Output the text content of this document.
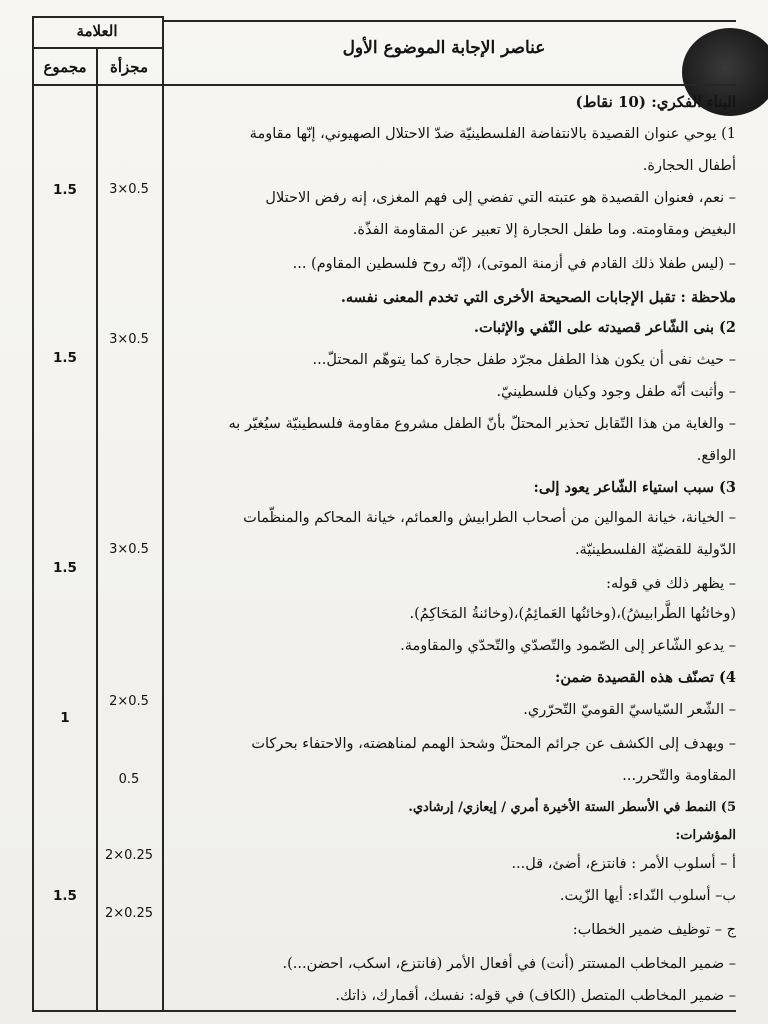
العلامة
مجموع	مجزأة
عناصر الإجابة الموضوع الأول
البناء الفكري: (10 نقاط)
1) يوحي عنوان القصيدة بالانتفاضة الفلسطينيّة ضدّ الاحتلال الصهيوني، إنّها مقاومة
أطفال الحجارة.
– نعم، فعنوان القصيدة هو عتبته التي تفضي إلى فهم المغزى، إنه رفض الاحتلال
البغيض ومقاومته. وما طفل الحجارة إلا تعبير عن المقاومة الفذّة.
– (ليس طفلا ذلك القادم في أزمنة الموتى)، (إنّه روح فلسطين المقاوم) ...
ملاحظة : تقبل الإجابات الصحيحة الأخرى التي تخدم المعنى نفسه.
2) بنى الشّاعر قصيدته على النّفي والإثبات.
– حيث نفى أن يكون هذا الطفل مجرّد طفل حجارة كما يتوهّم المحتلّ...
– وأثبت أنّه طفل وجود وكيان فلسطينيّ.
– والغاية من هذا التّقابل تحذير المحتلّ بأنّ الطفل مشروع مقاومة فلسطينيّة سيُغيّر به
الواقع.
3) سبب استياء الشّاعر يعود إلى:
– الخيانة، خيانة الموالين من أصحاب الطرابيش والعمائم، خيانة المحاكم والمنظّمات
الدّولية للقضيّة الفلسطينيّة.
– يظهر ذلك في قوله:
(وخائنُها الطَّرابيشُ)،(وخائنُها العَمائِمُ)،(وخائنةُ المَحَاكِمُ).
– يدعو الشّاعر إلى الصّمود والتّصدّي والتّحدّي والمقاومة.
4) تصنّف هذه القصيدة ضمن:
– الشّعر السّياسيّ القوميّ التّحرّري.
– ويهدف إلى الكشف عن جرائم المحتلّ وشحذ الهمم لمناهضته، والاحتفاء بحركات
المقاومة والتّحرر...
5) النمط في الأسطر الستة الأخيرة أمري / إيعازي/ إرشادي.
المؤشرات:
أ – أسلوب الأمر : فانتزع، أضئ، قل...
ب– أسلوب النّداء: أيها الزّيت.
ج – توظيف ضمير الخطاب:
– ضمير المخاطب المستتر (أنت) في أفعال الأمر (فانتزع، اسكب، احضن...).
– ضمير المخاطب المتصل (الكاف) في قوله: نفسك، أقمارك، ذاتك.
1.5	3×0.5
1.5
3×0.5
1.5
3×0.5
1
2×0.5
0.5
1.5
2×0.25
2×0.25
